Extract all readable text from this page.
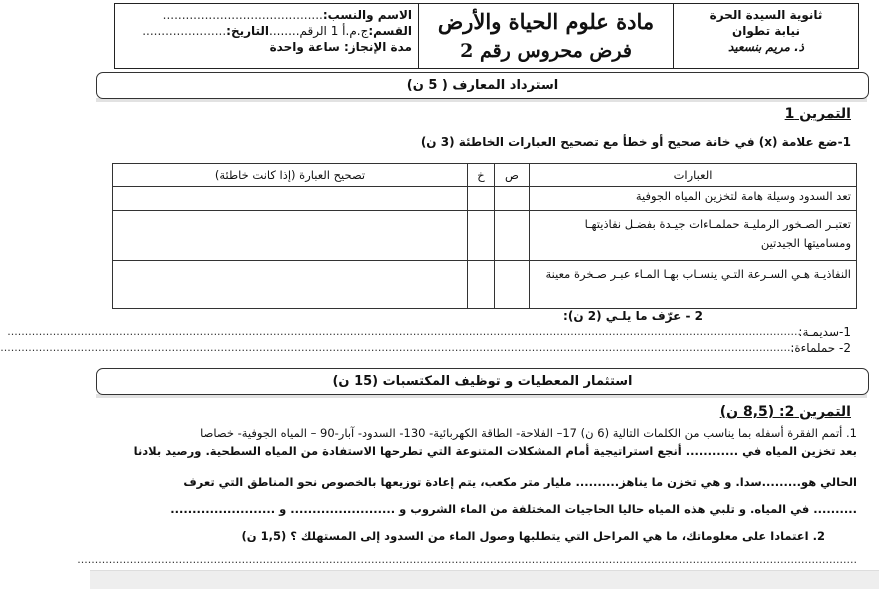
ثانوية السيدة الحرة
نيابة تطوان
ذ. مريم بنسعيد
مادة علوم الحياة والأرض
فرض محروس رقم 2
الاسم والنسب:..........................................
القسم:ج.م.أ 1 الرقم........التاريخ:......................
مدة الإنجاز: ساعة واحدة
استرداد المعارف ( 5 ن)
التمرين 1
1-ضع علامة (x) في خانة صحيح أو خطأ مع تصحيح العبارات الخاطئة (3 ن)
العبارات	ص	خ	تصحيح العبارة (إذا كانت خاطئة)
تعد السدود وسيلة هامة لتخزين المياه الجوفية			
تعتبـر الصـخور الرمليـة حملمـاءات جيـدة بفضـل نفاذيتهـا ومساميتها الجيدتين			
النفاذيـة هـي السـرعة التـي ينسـاب بهـا المـاء عبـر صـخرة معينة			
2 - عرّف ما يلـي (2 ن):
1-سديمـة:
...................................................................................................................................................................................................................................
2- حملماءة:
...................................................................................................................................................................................................................................
استثمار المعطيات و توظيف المكتسبات (15 ن)
التمرين 2: (8,5 ن)
1. أتمم الفقرة أسفله بما يناسب من الكلمات التالية (6 ن) 17– الفلاحة- الطاقة الكهربائية- 130- السدود- آبار-90 – المياه الجوفية- خصاصا
بعد تخزين المياه في ............ أنجع استراتيجية أمام المشكلات المتنوعة التي تطرحها الاستفادة من المياه السطحية. ورصيد بلادنا
الحالي هو.........سدا. و هي تخزن ما يناهز.......... مليار متر مكعب، يتم إعادة توزيعها بالخصوص نحو المناطق التي تعرف
.......... في المياه. و تلبي هذه المياه حاليا الحاجيات المختلفة من الماء الشروب و ........................ و ........................
2. اعتمادا على معلوماتك، ما هي المراحل التي يتطلبها وصول الماء من السدود إلى المستهلك ؟ (1,5 ن)
...............................................................................................................................................................................................................................
